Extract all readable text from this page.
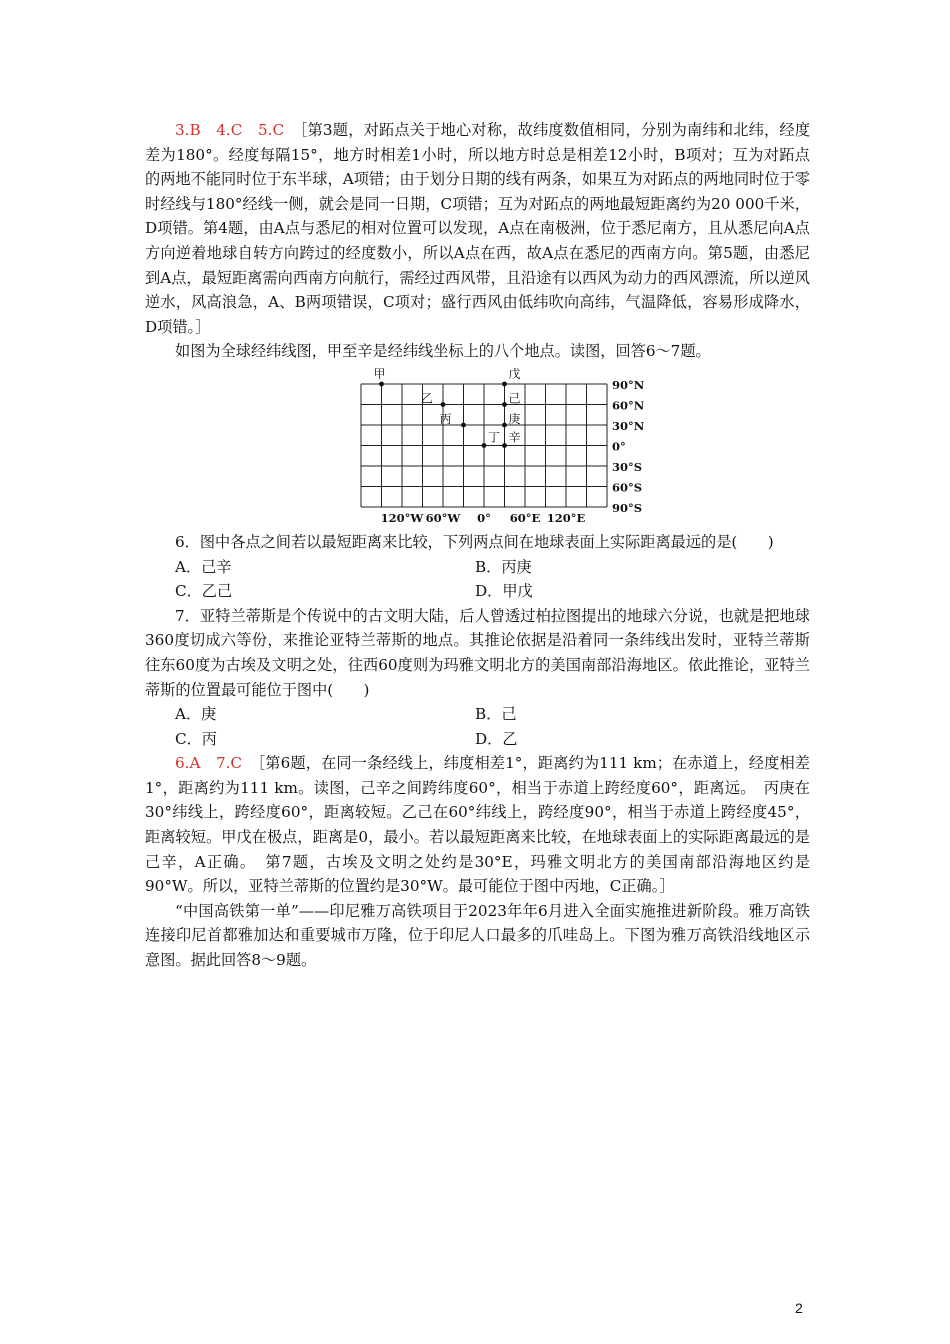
3.B　4.C　5.C　 ［第3题，对跖点关于地心对称，故纬度数值相同，分别为南纬和北纬，经度差为180°。经度每隔15°，地方时相差1小时，所以地方时总是相差12小时，B项对；互为对跖点的两地不能同时位于东半球，A项错；由于划分日期的线有两条，如果互为对跖点的两地同时位于零时经线与180°经线一侧，就会是同一日期，C项错；互为对跖点的两地最短距离约为20 000千米，D项错。第4题，由A点与悉尼的相对位置可以发现，A点在南极洲，位于悉尼南方，且从悉尼向A点方向逆着地球自转方向跨过的经度数小，所以A点在西，故A点在悉尼的西南方向。第5题，由悉尼到A点，最短距离需向西南方向航行，需经过西风带，且沿途有以西风为动力的西风漂流，所以逆风逆水，风高浪急，A、B两项错误，C项对；盛行西风由低纬吹向高纬，气温降低，容易形成降水，D项错。］

如图为全球经纬线图，甲至辛是经纬线坐标上的八个地点。读图，回答6～7题。

甲
乙
丙
丁
戊
己
庚
辛
90°N
60°N
30°N
0°
30°S
60°S
90°S
120°W 60°W 0° 60°E 120°E

6．图中各点之间若以最短距离来比较，下列两点间在地球表面上实际距离最远的是(　　)

A．己辛	B．丙庚
C．乙己	D．甲戊

7．亚特兰蒂斯是个传说中的古文明大陆，后人曾透过柏拉图提出的地球六分说，也就是把地球360度切成六等份，来推论亚特兰蒂斯的地点。其推论依据是沿着同一条纬线出发时，亚特兰蒂斯往东60度为古埃及文明之处，往西60度则为玛雅文明北方的美国南部沿海地区。依此推论，亚特兰蒂斯的位置最可能位于图中(　　)

A．庚	B．己
C．丙	D．乙

6.A　7.C　 ［第6题，在同一条经线上，纬度相差1°，距离约为111 km；在赤道上，经度相差1°，距离约为111 km。读图，己辛之间跨纬度60°，相当于赤道上跨经度60°，距离远。　丙庚在30°纬线上，跨经度60°，距离较短。乙己在60°纬线上，跨经度90°，相当于赤道上跨经度45°，距离较短。甲戊在极点，距离是0，最小。若以最短距离来比较，在地球表面上的实际距离最远的是己辛，A正确。　第7题，古埃及文明之处约是30°E，玛雅文明北方的美国南部沿海地区约是90°W。所以，亚特兰蒂斯的位置约是30°W。最可能位于图中丙地，C正确。］

“中国高铁第一单”——印尼雅万高铁项目于2023年年6月进入全面实施推进新阶段。雅万高铁连接印尼首都雅加达和重要城市万隆，位于印尼人口最多的爪哇岛上。下图为雅万高铁沿线地区示意图。据此回答8～9题。

2
